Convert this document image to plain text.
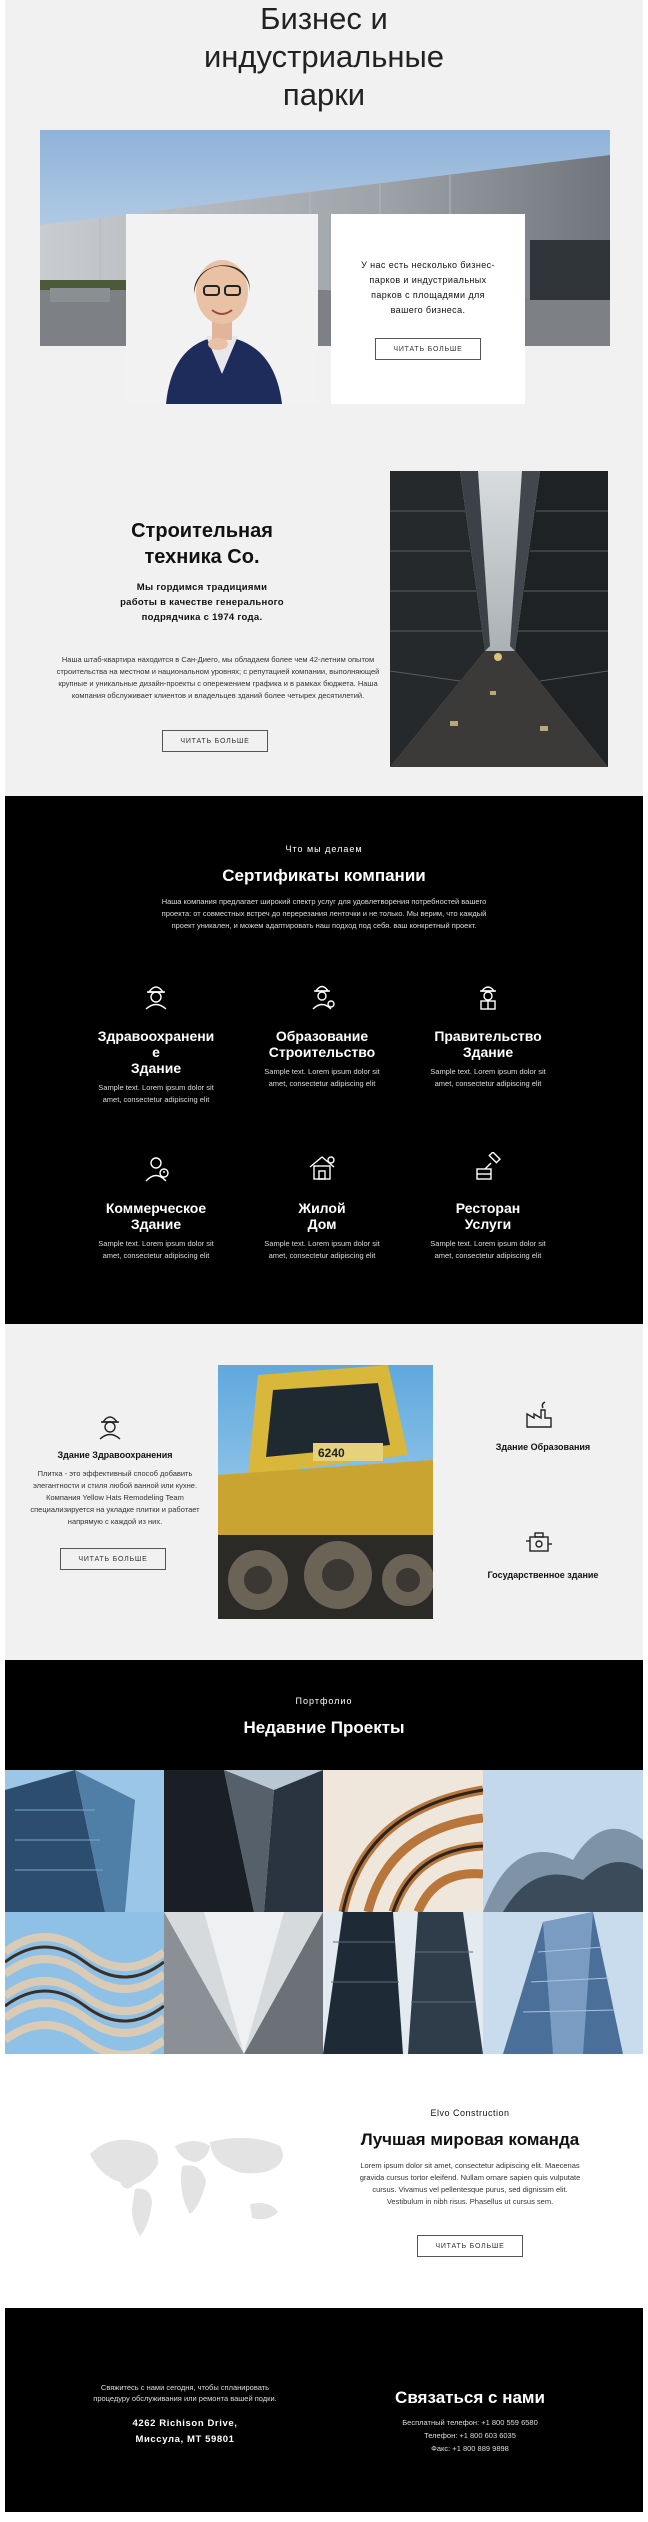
Бизнес и
индустриальные
парки
У нас есть несколько бизнес-парков и индустриальных парков с площадями для вашего бизнеса.
ЧИТАТЬ БОЛЬШЕ
Строительная
техника Co.
Мы гордимся традициями работы в качестве генерального подрядчика с 1974 года.
Наша штаб-квартира находится в Сан-Диего, мы обладаем более чем 42-летним опытом строительства на местном и национальном уровнях; с репутацией компании, выполняющей крупные и уникальные дизайн-проекты с опережением графика и в рамках бюджета. Наша компания обслуживает клиентов и владельцев зданий более четырех десятилетий.
ЧИТАТЬ БОЛЬШЕ
Что мы делаем
Сертификаты компании
Наша компания предлагает широкий спектр услуг для удовлетворения потребностей вашего проекта: от совместных встреч до перерезания ленточки и не только. Мы верим, что каждый проект уникален, и можем адаптировать наш подход под себя. ваш конкретный проект.
Здравоохранени
е
Здание
Sample text. Lorem ipsum dolor sit
amet, consectetur adipiscing elit
Образование
Строительство
Sample text. Lorem ipsum dolor sit
amet, consectetur adipiscing elit
Правительство
Здание
Sample text. Lorem ipsum dolor sit
amet, consectetur adipiscing elit
Коммерческое
Здание
Sample text. Lorem ipsum dolor sit
amet, consectetur adipiscing elit
Жилой
Дом
Sample text. Lorem ipsum dolor sit
amet, consectetur adipiscing elit
Ресторан
Услуги
Sample text. Lorem ipsum dolor sit
amet, consectetur adipiscing elit
Здание Здравоохранения
Плитка - это эффективный способ добавить элегантности и стиля любой ванной или кухне. Компания Yellow Hats Remodeling Team специализируется на укладке плитки и работает напрямую с каждой из них.
ЧИТАТЬ БОЛЬШЕ
6240	Здание Образования
Государственное здание
Портфолио
Недавние Проекты
Elvo Construction
Лучшая мировая команда
Lorem ipsum dolor sit amet, consectetur adipiscing elit. Maecenas gravida cursus tortor eleifend. Nullam ornare sapien quis vulputate cursus. Vivamus vel pellentesque purus, sed dignissim elit. Vestibulum in nibh risus. Phasellus ut cursus sem.
ЧИТАТЬ БОЛЬШЕ
Свяжитесь с нами сегодня, чтобы спланировать
процедуру обслуживания или ремонта вашей подки.
4262 Richison Drive,
Миссула, МТ 59801
Связаться с нами
Бесплатный телефон: +1 800 559 6580
Телефон: +1 800 603 6035
Факс: +1 800 889 9898
